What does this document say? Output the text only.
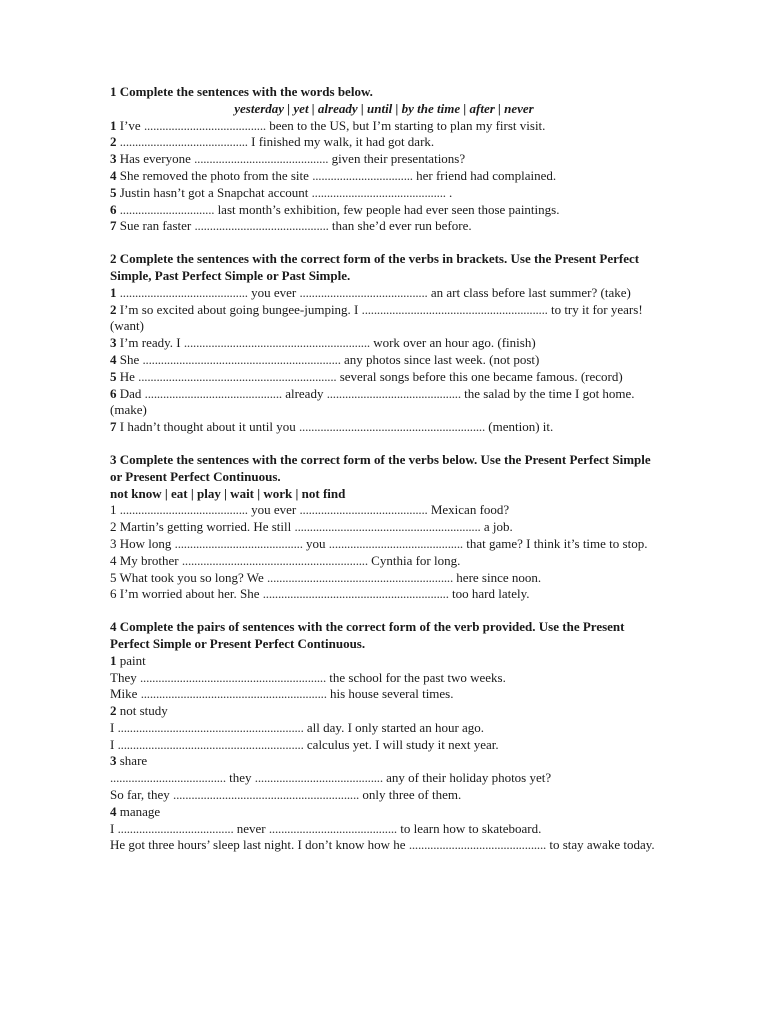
1 Complete the sentences with the words below.
yesterday | yet | already | until | by the time | after | never
1 I’ve ........................................ been to the US, but I’m starting to plan my first visit.
2 .......................................... I finished my walk, it had got dark.
3 Has everyone ............................................ given their presentations?
4 She removed the photo from the site ................................. her friend had complained.
5 Justin hasn’t got a Snapchat account ............................................ .
6 ............................... last month’s exhibition, few people had ever seen those paintings.
7 Sue ran faster ............................................ than she’d ever run before.
2 Complete the sentences with the correct form of the verbs in brackets. Use the Present Perfect Simple, Past Perfect Simple or Past Simple.
1 .......................................... you ever .......................................... an art class before last summer? (take)
2 I’m so excited about going bungee-jumping. I ............................................................. to try it for years! (want)
3 I’m ready. I ............................................................. work over an hour ago. (finish)
4 She ................................................................. any photos since last week. (not post)
5 He ................................................................. several songs before this one became famous. (record)
6 Dad ............................................. already ............................................ the salad by the time I got home. (make)
7 I hadn’t thought about it until you ............................................................. (mention) it.
3 Complete the sentences with the correct form of the verbs below. Use the Present Perfect Simple or Present Perfect Continuous.
not know | eat | play | wait | work | not find
1 .......................................... you ever .......................................... Mexican food?
2 Martin’s getting worried. He still ............................................................. a job.
3 How long .......................................... you ............................................ that game? I think it’s time to stop.
4 My brother ............................................................. Cynthia for long.
5 What took you so long? We ............................................................. here since noon.
6 I’m worried about her. She ............................................................. too hard lately.
4 Complete the pairs of sentences with the correct form of the verb provided. Use the Present Perfect Simple or Present Perfect Continuous.
1 paint
They ............................................................. the school for the past two weeks.
Mike ............................................................. his house several times.
2 not study
I ............................................................. all day. I only started an hour ago.
I ............................................................. calculus yet. I will study it next year.
3 share
...................................... they .......................................... any of their holiday photos yet?
So far, they ............................................................. only three of them.
4 manage
I ...................................... never .......................................... to learn how to skateboard.
He got three hours’ sleep last night. I don’t know how he ............................................. to stay awake today.
